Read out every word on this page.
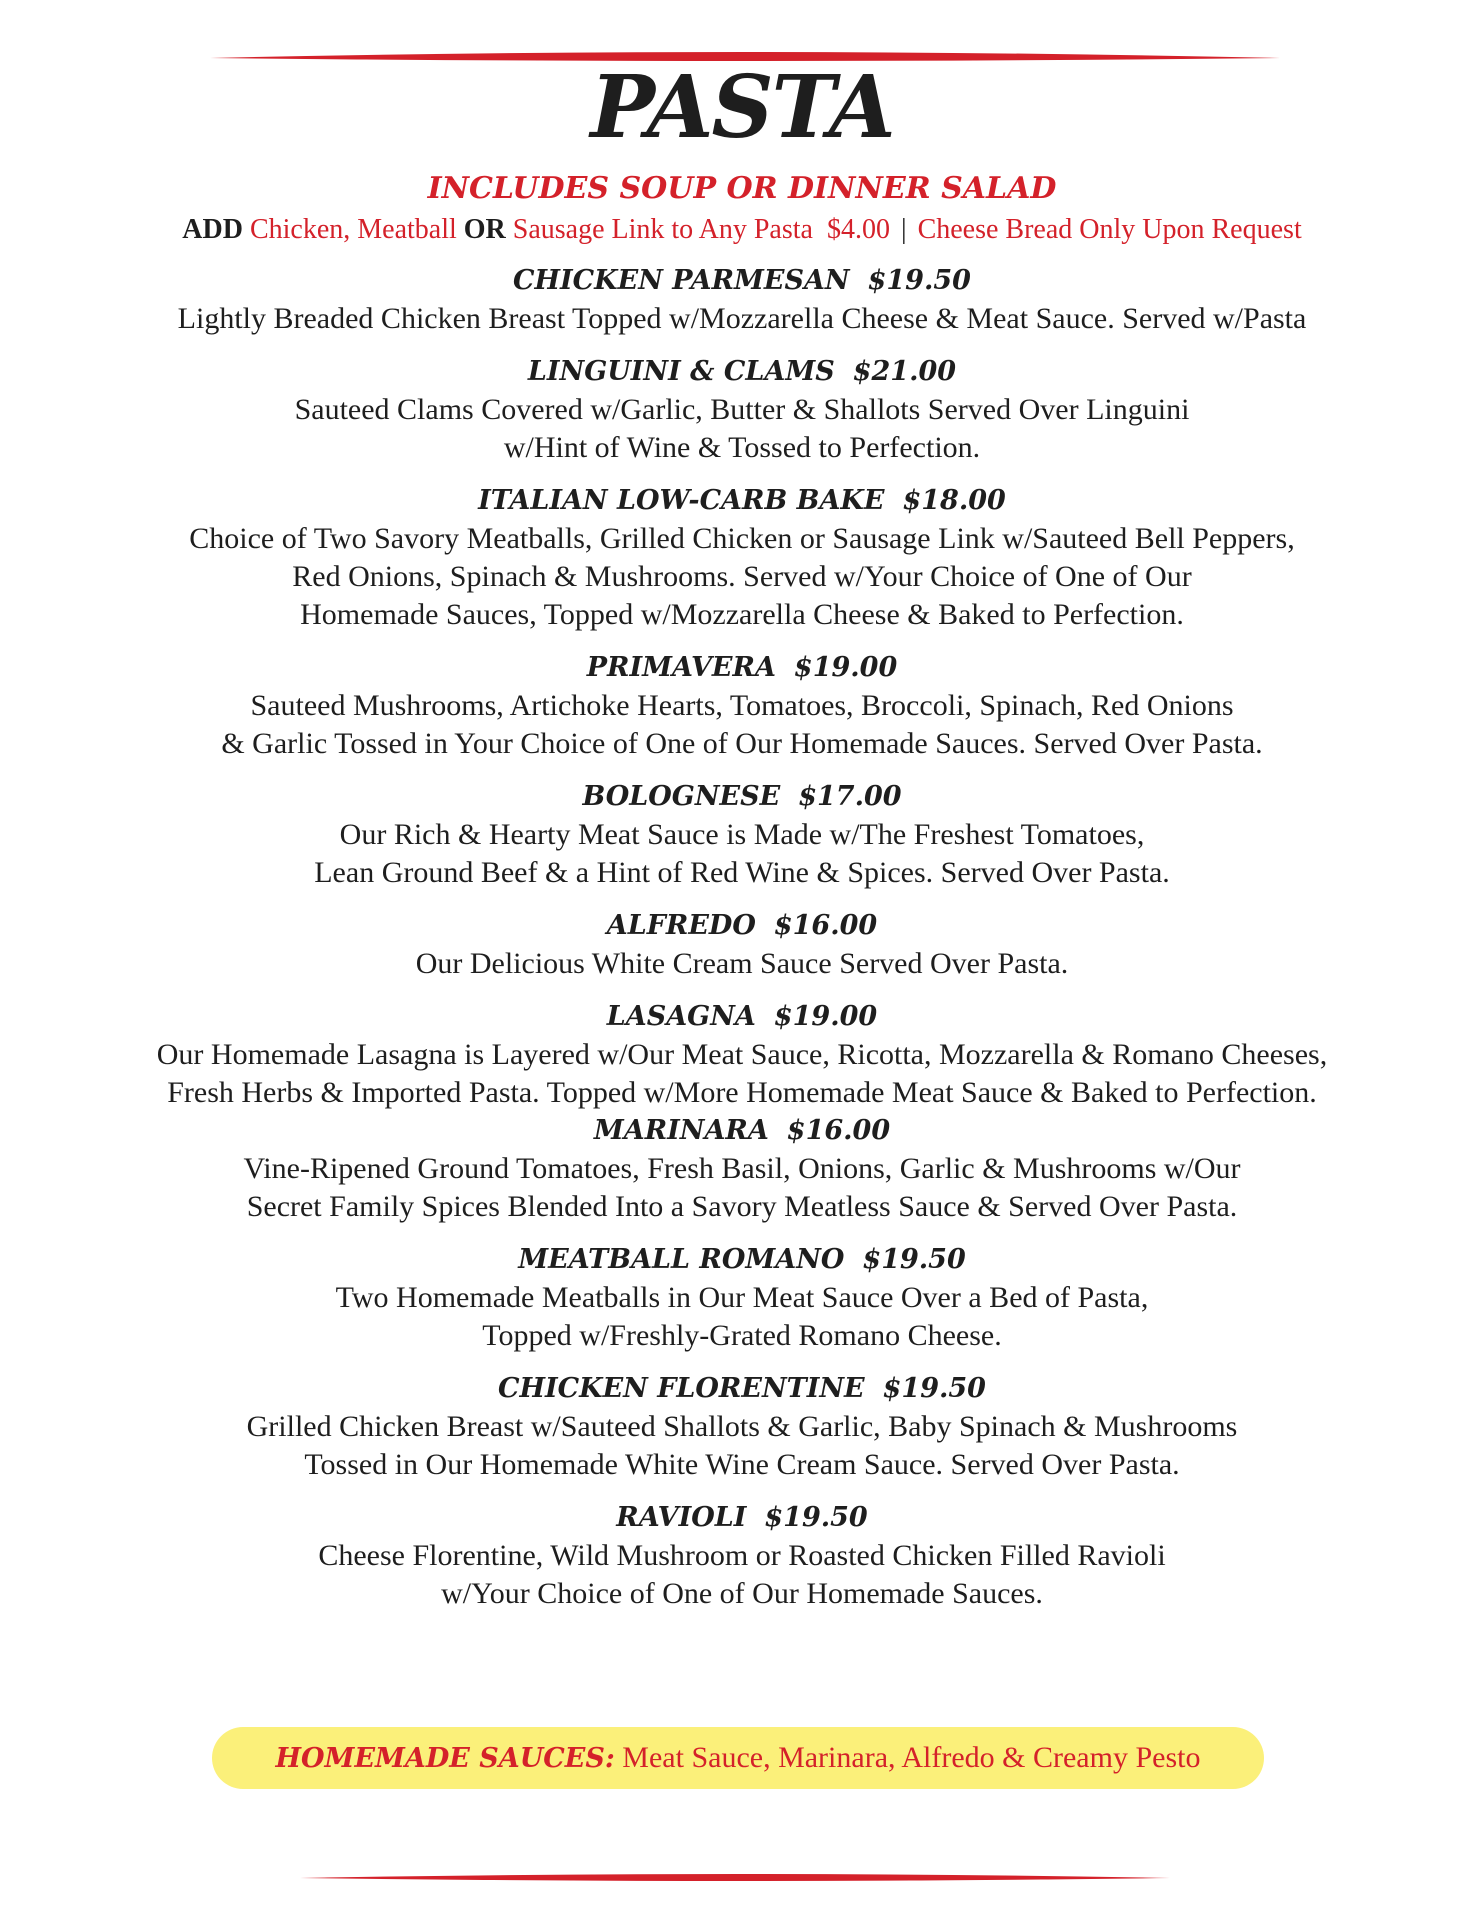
PASTA
INCLUDES SOUP OR DINNER SALAD
ADD Chicken, Meatball OR Sausage Link to Any Pasta $4.00 | Cheese Bread Only Upon Request
CHICKEN PARMESAN $19.50
Lightly Breaded Chicken Breast Topped w/Mozzarella Cheese & Meat Sauce. Served w/Pasta
LINGUINI & CLAMS $21.00
Sauteed Clams Covered w/Garlic, Butter & Shallots Served Over Linguini
w/Hint of Wine & Tossed to Perfection.
ITALIAN LOW-CARB BAKE $18.00
Choice of Two Savory Meatballs, Grilled Chicken or Sausage Link w/Sauteed Bell Peppers,
Red Onions, Spinach & Mushrooms. Served w/Your Choice of One of Our
Homemade Sauces, Topped w/Mozzarella Cheese & Baked to Perfection.
PRIMAVERA $19.00
Sauteed Mushrooms, Artichoke Hearts, Tomatoes, Broccoli, Spinach, Red Onions
& Garlic Tossed in Your Choice of One of Our Homemade Sauces. Served Over Pasta.
BOLOGNESE $17.00
Our Rich & Hearty Meat Sauce is Made w/The Freshest Tomatoes,
Lean Ground Beef & a Hint of Red Wine & Spices. Served Over Pasta.
ALFREDO $16.00
Our Delicious White Cream Sauce Served Over Pasta.
LASAGNA $19.00
Our Homemade Lasagna is Layered w/Our Meat Sauce, Ricotta, Mozzarella & Romano Cheeses,
Fresh Herbs & Imported Pasta. Topped w/More Homemade Meat Sauce & Baked to Perfection.
MARINARA $16.00
Vine-Ripened Ground Tomatoes, Fresh Basil, Onions, Garlic & Mushrooms w/Our
Secret Family Spices Blended Into a Savory Meatless Sauce & Served Over Pasta.
MEATBALL ROMANO $19.50
Two Homemade Meatballs in Our Meat Sauce Over a Bed of Pasta,
Topped w/Freshly-Grated Romano Cheese.
CHICKEN FLORENTINE $19.50
Grilled Chicken Breast w/Sauteed Shallots & Garlic, Baby Spinach & Mushrooms
Tossed in Our Homemade White Wine Cream Sauce. Served Over Pasta.
RAVIOLI $19.50
Cheese Florentine, Wild Mushroom or Roasted Chicken Filled Ravioli
w/Your Choice of One of Our Homemade Sauces.
HOMEMADE SAUCES: Meat Sauce, Marinara, Alfredo & Creamy Pesto
